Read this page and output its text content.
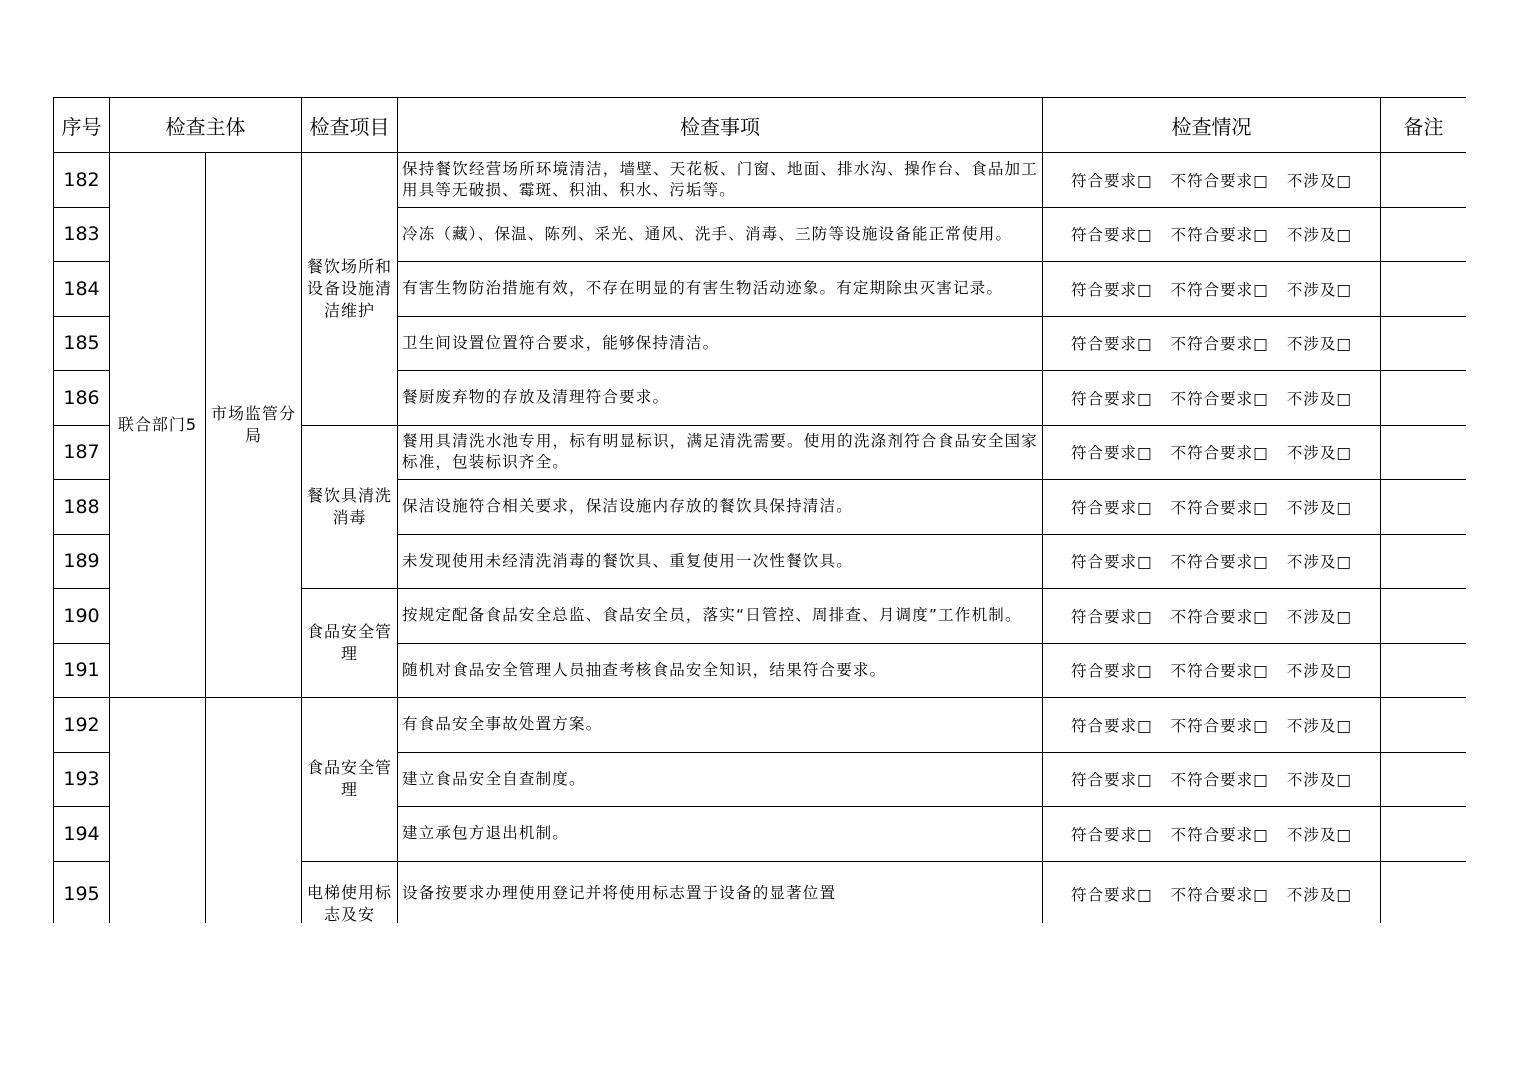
序号	检查主体		检查项目	检查事项	检查情况	备注
182	联合部门5	市场监管分局	餐饮场所和设备设施清洁维护	保持餐饮经营场所环境清洁，墙壁、天花板、门窗、地面、排水沟、操作台、食品加工用具等无破损、霉斑、积油、积水、污垢等。	符合要求□ 不符合要求□ 不涉及□	
183				冷冻（藏）、保温、陈列、采光、通风、洗手、消毒、三防等设施设备能正常使用。	符合要求□ 不符合要求□ 不涉及□	
184				有害生物防治措施有效，不存在明显的有害生物活动迹象。有定期除虫灭害记录。	符合要求□ 不符合要求□ 不涉及□	
185				卫生间设置位置符合要求，能够保持清洁。	符合要求□ 不符合要求□ 不涉及□	
186				餐厨废弃物的存放及清理符合要求。	符合要求□ 不符合要求□ 不涉及□	
187			餐饮具清洗消毒	餐用具清洗水池专用，标有明显标识，满足清洗需要。使用的洗涤剂符合食品安全国家标准，包装标识齐全。	符合要求□ 不符合要求□ 不涉及□	
188				保洁设施符合相关要求，保洁设施内存放的餐饮具保持清洁。	符合要求□ 不符合要求□ 不涉及□	
189				未发现使用未经清洗消毒的餐饮具、重复使用一次性餐饮具。	符合要求□ 不符合要求□ 不涉及□	
190			食品安全管理	按规定配备食品安全总监、食品安全员，落实“日管控、周排查、月调度”工作机制。	符合要求□ 不符合要求□ 不涉及□	
191				随机对食品安全管理人员抽查考核食品安全知识，结果符合要求。	符合要求□ 不符合要求□ 不涉及□	
192			食品安全管理	有食品安全事故处置方案。	符合要求□ 不符合要求□ 不涉及□	
193				建立食品安全自查制度。	符合要求□ 不符合要求□ 不涉及□	
194				建立承包方退出机制。	符合要求□ 不符合要求□ 不涉及□	
195			电梯使用标志及安	设备按要求办理使用登记并将使用标志置于设备的显著位置	符合要求□ 不符合要求□ 不涉及□	
